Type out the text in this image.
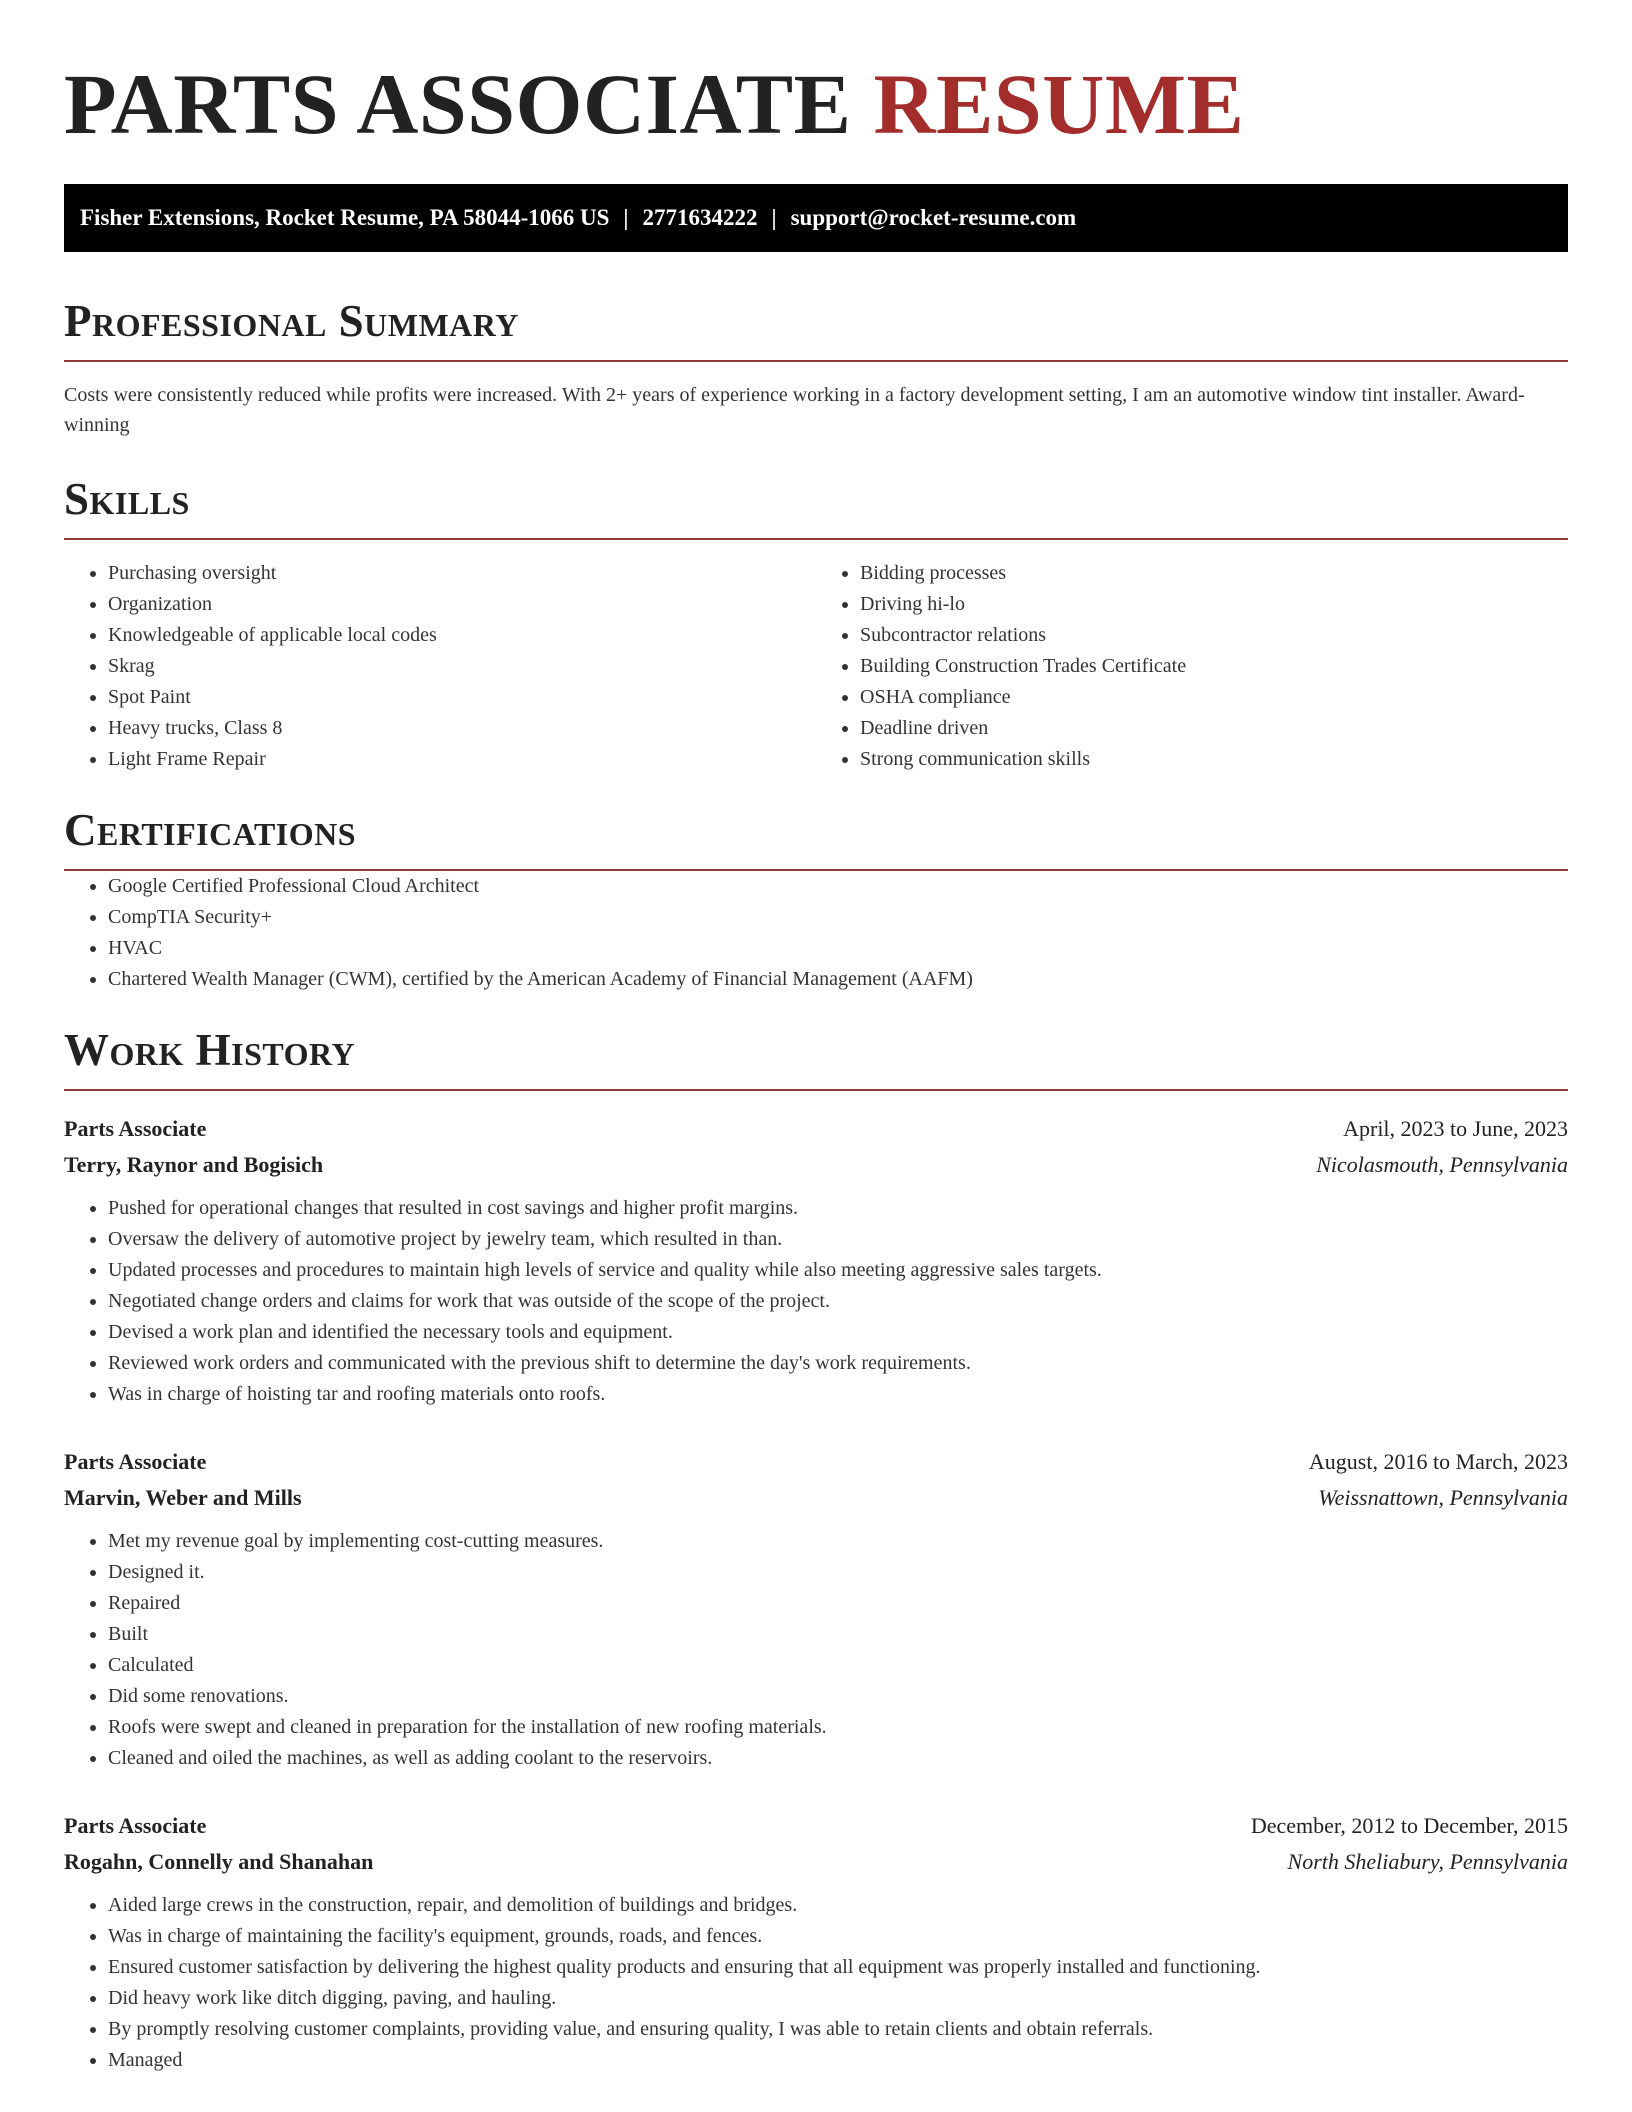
PARTS ASSOCIATE RESUME
Fisher Extensions, Rocket Resume, PA 58044-1066 US | 2771634222 | support@rocket-resume.com
Professional Summary

Costs were consistently reduced while profits were increased. With 2+ years of experience working in a factory development setting, I am an automotive window tint installer. Award-winning

Skills
• Purchasing oversight
• Organization
• Knowledgeable of applicable local codes
• Skrag
• Spot Paint
• Heavy trucks, Class 8
• Light Frame Repair
• Bidding processes
• Driving hi-lo
• Subcontractor relations
• Building Construction Trades Certificate
• OSHA compliance
• Deadline driven
• Strong communication skills
Certifications
• Google Certified Professional Cloud Architect
• CompTIA Security+
• HVAC
• Chartered Wealth Manager (CWM), certified by the American Academy of Financial Management (AAFM)
Work History
Parts Associate	April, 2023 to June, 2023
Terry, Raynor and Bogisich	Nicolasmouth, Pennsylvania
• Pushed for operational changes that resulted in cost savings and higher profit margins.
• Oversaw the delivery of automotive project by jewelry team, which resulted in than.
• Updated processes and procedures to maintain high levels of service and quality while also meeting aggressive sales targets.
• Negotiated change orders and claims for work that was outside of the scope of the project.
• Devised a work plan and identified the necessary tools and equipment.
• Reviewed work orders and communicated with the previous shift to determine the day's work requirements.
• Was in charge of hoisting tar and roofing materials onto roofs.
Parts Associate	August, 2016 to March, 2023
Marvin, Weber and Mills	Weissnattown, Pennsylvania
• Met my revenue goal by implementing cost-cutting measures.
• Designed it.
• Repaired
• Built
• Calculated
• Did some renovations.
• Roofs were swept and cleaned in preparation for the installation of new roofing materials.
• Cleaned and oiled the machines, as well as adding coolant to the reservoirs.
Parts Associate	December, 2012 to December, 2015
Rogahn, Connelly and Shanahan	North Sheliabury, Pennsylvania
• Aided large crews in the construction, repair, and demolition of buildings and bridges.
• Was in charge of maintaining the facility's equipment, grounds, roads, and fences.
• Ensured customer satisfaction by delivering the highest quality products and ensuring that all equipment was properly installed and functioning.
• Did heavy work like ditch digging, paving, and hauling.
• By promptly resolving customer complaints, providing value, and ensuring quality, I was able to retain clients and obtain referrals.
• Managed
